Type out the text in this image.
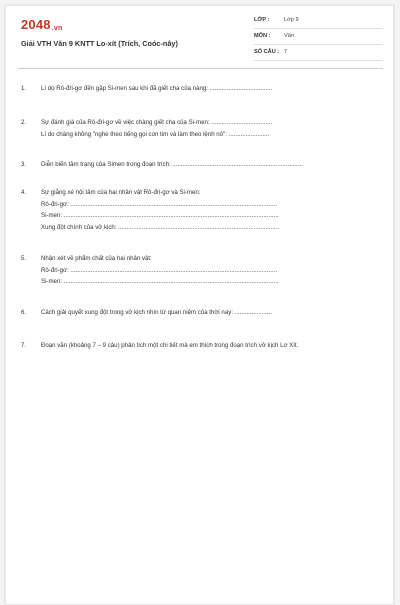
2048.vn
Giải VTH Văn 9 KNTT Lo-xít (Trích, Coóc-nây)
LỚP :	Lớp 9
MÔN : Văn
SỐ CÂU : 7
1. Lí do Rô-đri-gơ đến gặp Si-men sau khi đã giết cha của nàng: .....................................
2. Sự đánh giá của Rô-đri-gơ về việc chàng giết cha của Si-men: ....................................
Lí do chàng không "nghe theo tiếng gọi con tim và làm theo lệnh nó": ........................
3. Diễn biến tâm trạng của Simen trong đoạn trích: .............................................................................
4. Sự giằng xé nội tâm của hai nhân vật Rô-đri-gơ và Si-men:
Rô-đri-gơ: ..........................................................................................................................
Si-men: ...............................................................................................................................
Xung đột chính của vở kịch: ...............................................................................................
5. Nhận xét về phẩm chất của hai nhân vật:
Rô-đri-gơ: ..........................................................................................................................
Si-men: ...............................................................................................................................
6. Cách giải quyết xung đột trong vở kịch nhìn từ quan niệm của thời nay: ......................
7. Đoạn văn (khoảng 7 – 9 câu) phân tích một chi tiết mà em thích trong đoạn trích vở kịch Lơ Xít.
